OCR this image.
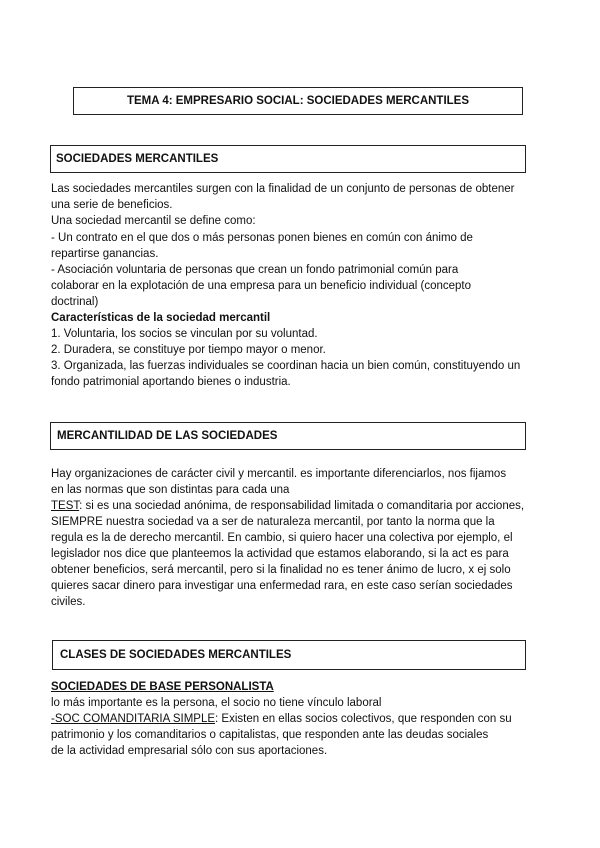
TEMA 4: EMPRESARIO SOCIAL: SOCIEDADES MERCANTILES
SOCIEDADES MERCANTILES
Las sociedades mercantiles surgen con la finalidad de un conjunto de personas de obtener
una serie de beneficios.
Una sociedad mercantil se define como:
- Un contrato en el que dos o más personas ponen bienes en común con ánimo de
repartirse ganancias.
- Asociación voluntaria de personas que crean un fondo patrimonial común para
colaborar en la explotación de una empresa para un beneficio individual (concepto
doctrinal)
Características de la sociedad mercantil
1. Voluntaria, los socios se vinculan por su voluntad.
2. Duradera, se constituye por tiempo mayor o menor.
3. Organizada, las fuerzas individuales se coordinan hacia un bien común, constituyendo un
fondo patrimonial aportando bienes o industria.
MERCANTILIDAD DE LAS SOCIEDADES
Hay organizaciones de carácter civil y mercantil. es importante diferenciarlos, nos fijamos
en las normas que son distintas para cada una
TEST: si es una sociedad anónima, de responsabilidad limitada o comanditaria por acciones,
SIEMPRE nuestra sociedad va a ser de naturaleza mercantil, por tanto la norma que la
regula es la de derecho mercantil. En cambio, si quiero hacer una colectiva por ejemplo, el
legislador nos dice que planteemos la actividad que estamos elaborando, si la act es para
obtener beneficios, será mercantil, pero si la finalidad no es tener ánimo de lucro, x ej solo
quieres sacar dinero para investigar una enfermedad rara, en este caso serían sociedades
civiles.
CLASES DE SOCIEDADES MERCANTILES
SOCIEDADES DE BASE PERSONALISTA
lo más importante es la persona, el socio no tiene vínculo laboral
-SOC COMANDITARIA SIMPLE: Existen en ellas socios colectivos, que responden con su
patrimonio y los comanditarios o capitalistas, que responden ante las deudas sociales
de la actividad empresarial sólo con sus aportaciones.
